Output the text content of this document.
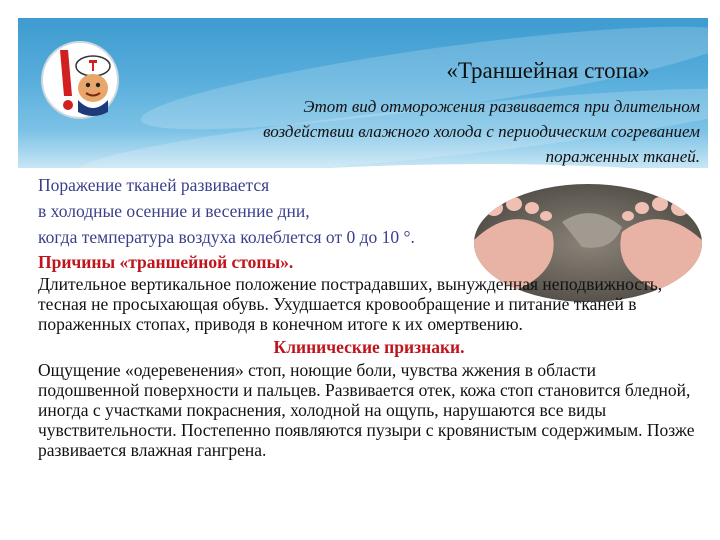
«Траншейная стопа»
Этот вид отморожения развивается при длительном воздействии влажного холода с периодическим согреванием пораженных тканей.

Поражение тканей развивается

в холодные осенние и весенние дни,

когда температура воздуха колеблется от 0 до 10 °.

Причины «траншейной стопы».

Длительное вертикальное положение пострадавших, вынужденная неподвижность, тесная не просыхающая обувь. Ухудшается кровообращение и питание тканей в пораженных стопах, приводя в конечном итоге к их омертвению.

Клинические признаки.

Ощущение «одеревенения» стоп, ноющие боли, чувства жжения в области подошвенной поверхности и пальцев. Развивается отек, кожа стоп становится бледной, иногда с участками покраснения, холодной на ощупь, нарушаются все виды чувствительности. Постепенно появляются пузыри с кровянистым содержимым. Позже развивается влажная гангрена.
